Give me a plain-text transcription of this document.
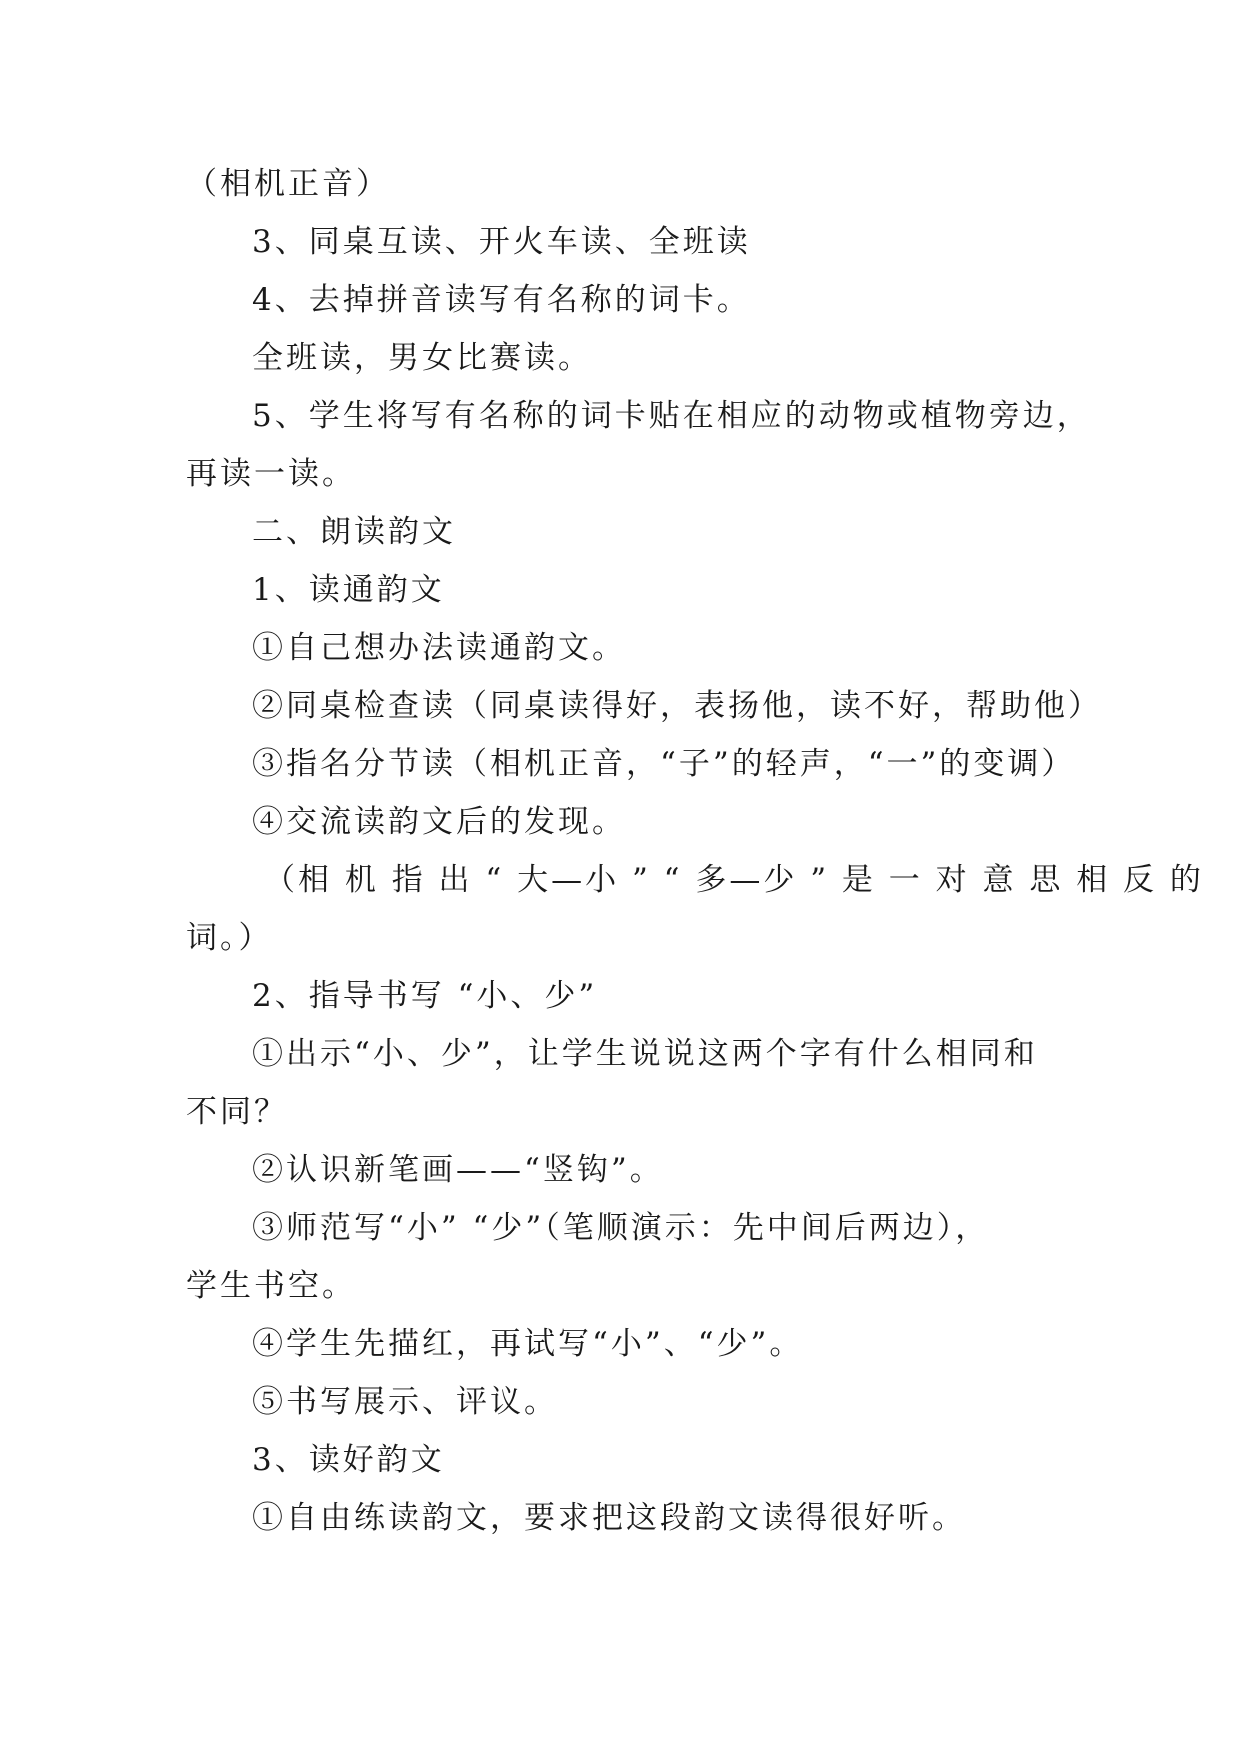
（相机正音）
3、同桌互读、开火车读、全班读
4、去掉拼音读写有名称的词卡。
全班读，男女比赛读。
5、学生将写有名称的词卡贴在相应的动物或植物旁边，
再读一读。
二、朗读韵文
1、读通韵文
①自己想办法读通韵文。
②同桌检查读（同桌读得好，表扬他，读不好，帮助他）
③指名分节读（相机正音，“子”的轻声，“一”的变调）
④交流读韵文后的发现。
（相 机 指 出 “ 大—小 ” “ 多—少 ” 是 一 对 意 思 相 反 的
词。）
2、指导书写 “小、少”
①出示“小、少”，让学生说说这两个字有什么相同和
不同？
②认识新笔画——“竖钩”。
③师范写“小” “少”（笔顺演示：先中间后两边），
学生书空。
④学生先描红，再试写“小”、“少”。
⑤书写展示、评议。
3、读好韵文
①自由练读韵文，要求把这段韵文读得很好听。
